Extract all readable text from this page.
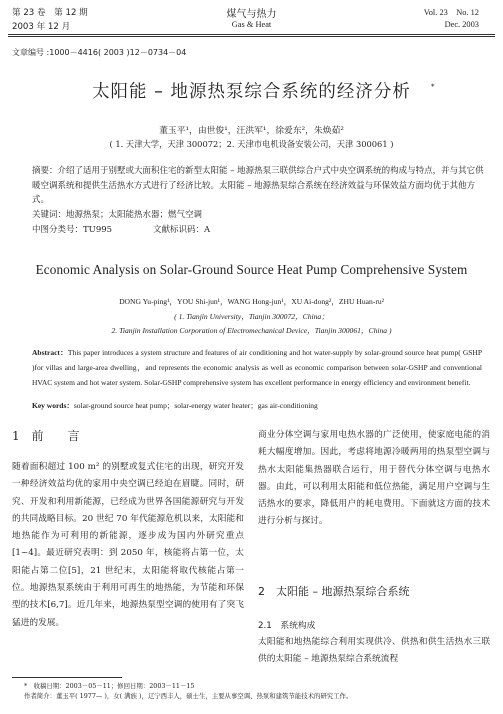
第 23 卷　第 12 期
2003 年 12 月
煤气与热力
Gas & Heat
Vol. 23　No. 12
Dec. 2003
文章编号 :1000－4416( 2003 )12－0734－04
太阳能 – 地源热泵综合系统的经济分析	*
董玉平¹，由世俊¹，汪洪军¹，徐爱东²，朱焕茹²
( 1. 天津大学，天津 300072；2. 天津市电机设备安装公司，天津 300061 )
摘要：介绍了适用于别墅或大面积住宅的新型太阳能 – 地源热泵三联供综合户式中央空调系统的构成与特点，并与其它供暖空调系统和提供生活热水方式进行了经济比较。太阳能 – 地源热泵综合系统在经济效益与环保效益方面均优于其他方式。
关键词：地源热泵；太阳能热水器；燃气空调
中图分类号：TU995	文献标识码：A
Economic Analysis on Solar-Ground Source Heat Pump Comprehensive System
DONG Yu-ping¹，YOU Shi-jun¹，WANG Hong-jun¹，XU Ai-dong²，ZHU Huan-ru²
( 1. Tianjin University，Tianjin 300072，China；
2. Tianjin Installation Corporation of Electromechanical Device，Tianjin 300061，China )
Abstract：This paper introduces a system structure and features of air conditioning and hot water-supply by solar-ground source heat pump( GSHP )for villas and large-area dwelling，and represents the economic analysis as well as economic comparison between solar-GSHP and conventional HVAC system and hot water system. Solar-GSHP comprehensive system has excellent performance in energy efficiency and environment benefit.
Key words：solar-ground source heat pump；solar-energy water heater；gas air-conditioning
1　前　　言
随着面积超过 100 m² 的别墅或复式住宅的出现，研究开发一种经济效益均优的家用中央空调已经迫在眉睫。同时，研究、开发和利用新能源，已经成为世界各国能源研究与开发的共同战略目标。20 世纪 70 年代能源危机以来，太阳能和地热能作为可利用的新能源，逐步成为国内外研究重点[1~4]。最近研究表明：到 2050 年，核能将占第一位，太阳能占第二位[5]，21 世纪末，太阳能将取代核能占第一位。地源热泵系统由于利用可再生的地热能，为节能和环保型的技术[6,7]。近几年来，地源热泵型空调的使用有了突飞猛进的发展。
商业分体空调与家用电热水器的广泛使用，使家庭电能的消耗大幅度增加。因此，考虑将地源冷暖两用的热泵型空调与热水太阳能集热器联合运行，用于替代分体空调与电热水器。由此，可以利用太阳能和低位热能，满足用户空调与生活热水的要求，降低用户的耗电费用。下面就这方面的技术进行分析与探讨。
2　太阳能 – 地源热泵综合系统
2.1　系统构成
太阳能和地热能综合利用实现供冷、供热和供生活热水三联供的太阳能 – 地源热泵综合系统流程
*　收稿日期：2003－05－11；修回日期：2003－11－15
作者简介：董玉平( 1977— )，女( 满族 )，辽宁西丰人，硕士生，主要从事空调、热泵和建筑节能技术的研究工作。
